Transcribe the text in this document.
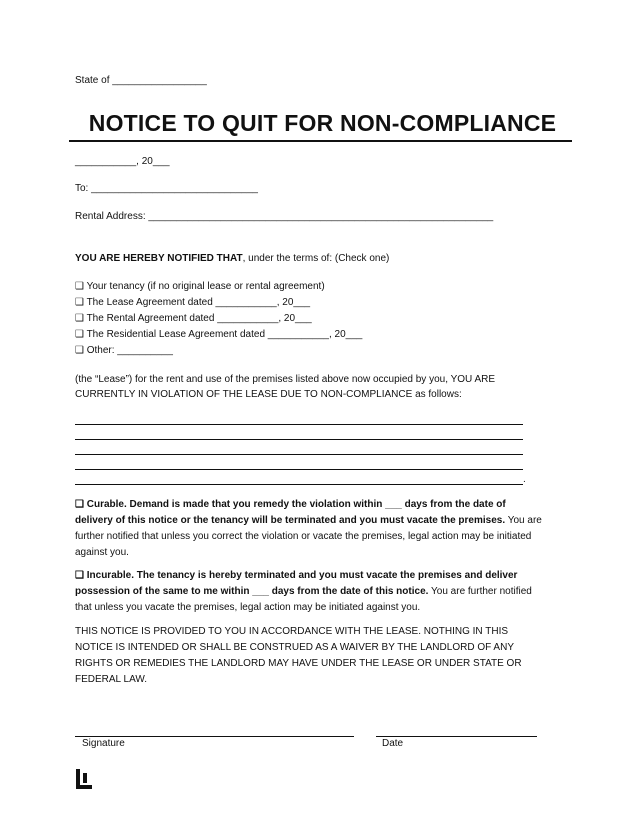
State of _________________
NOTICE TO QUIT FOR NON-COMPLIANCE
___________, 20___
To: ______________________________
Rental Address: ______________________________________________________________
YOU ARE HEREBY NOTIFIED THAT, under the terms of: (Check one)
❑ Your tenancy (if no original lease or rental agreement)
❑ The Lease Agreement dated ___________, 20___
❑ The Rental Agreement dated ___________, 20___
❑ The Residential Lease Agreement dated ___________, 20___
❑ Other: __________
(the “Lease”) for the rent and use of the premises listed above now occupied by you, YOU ARE
CURRENTLY IN VIOLATION OF THE LEASE DUE TO NON-COMPLIANCE as follows:
.
❑ Curable. Demand is made that you remedy the violation within ___ days from the date of
delivery of this notice or the tenancy will be terminated and you must vacate the premises. You are
further notified that unless you correct the violation or vacate the premises, legal action may be initiated
against you.
❑ Incurable. The tenancy is hereby terminated and you must vacate the premises and deliver
possession of the same to me within ___ days from the date of this notice. You are further notified
that unless you vacate the premises, legal action may be initiated against you.
THIS NOTICE IS PROVIDED TO YOU IN ACCORDANCE WITH THE LEASE. NOTHING IN THIS
NOTICE IS INTENDED OR SHALL BE CONSTRUED AS A WAIVER BY THE LANDLORD OF ANY
RIGHTS OR REMEDIES THE LANDLORD MAY HAVE UNDER THE LEASE OR UNDER STATE OR
FEDERAL LAW.
Signature	Date
